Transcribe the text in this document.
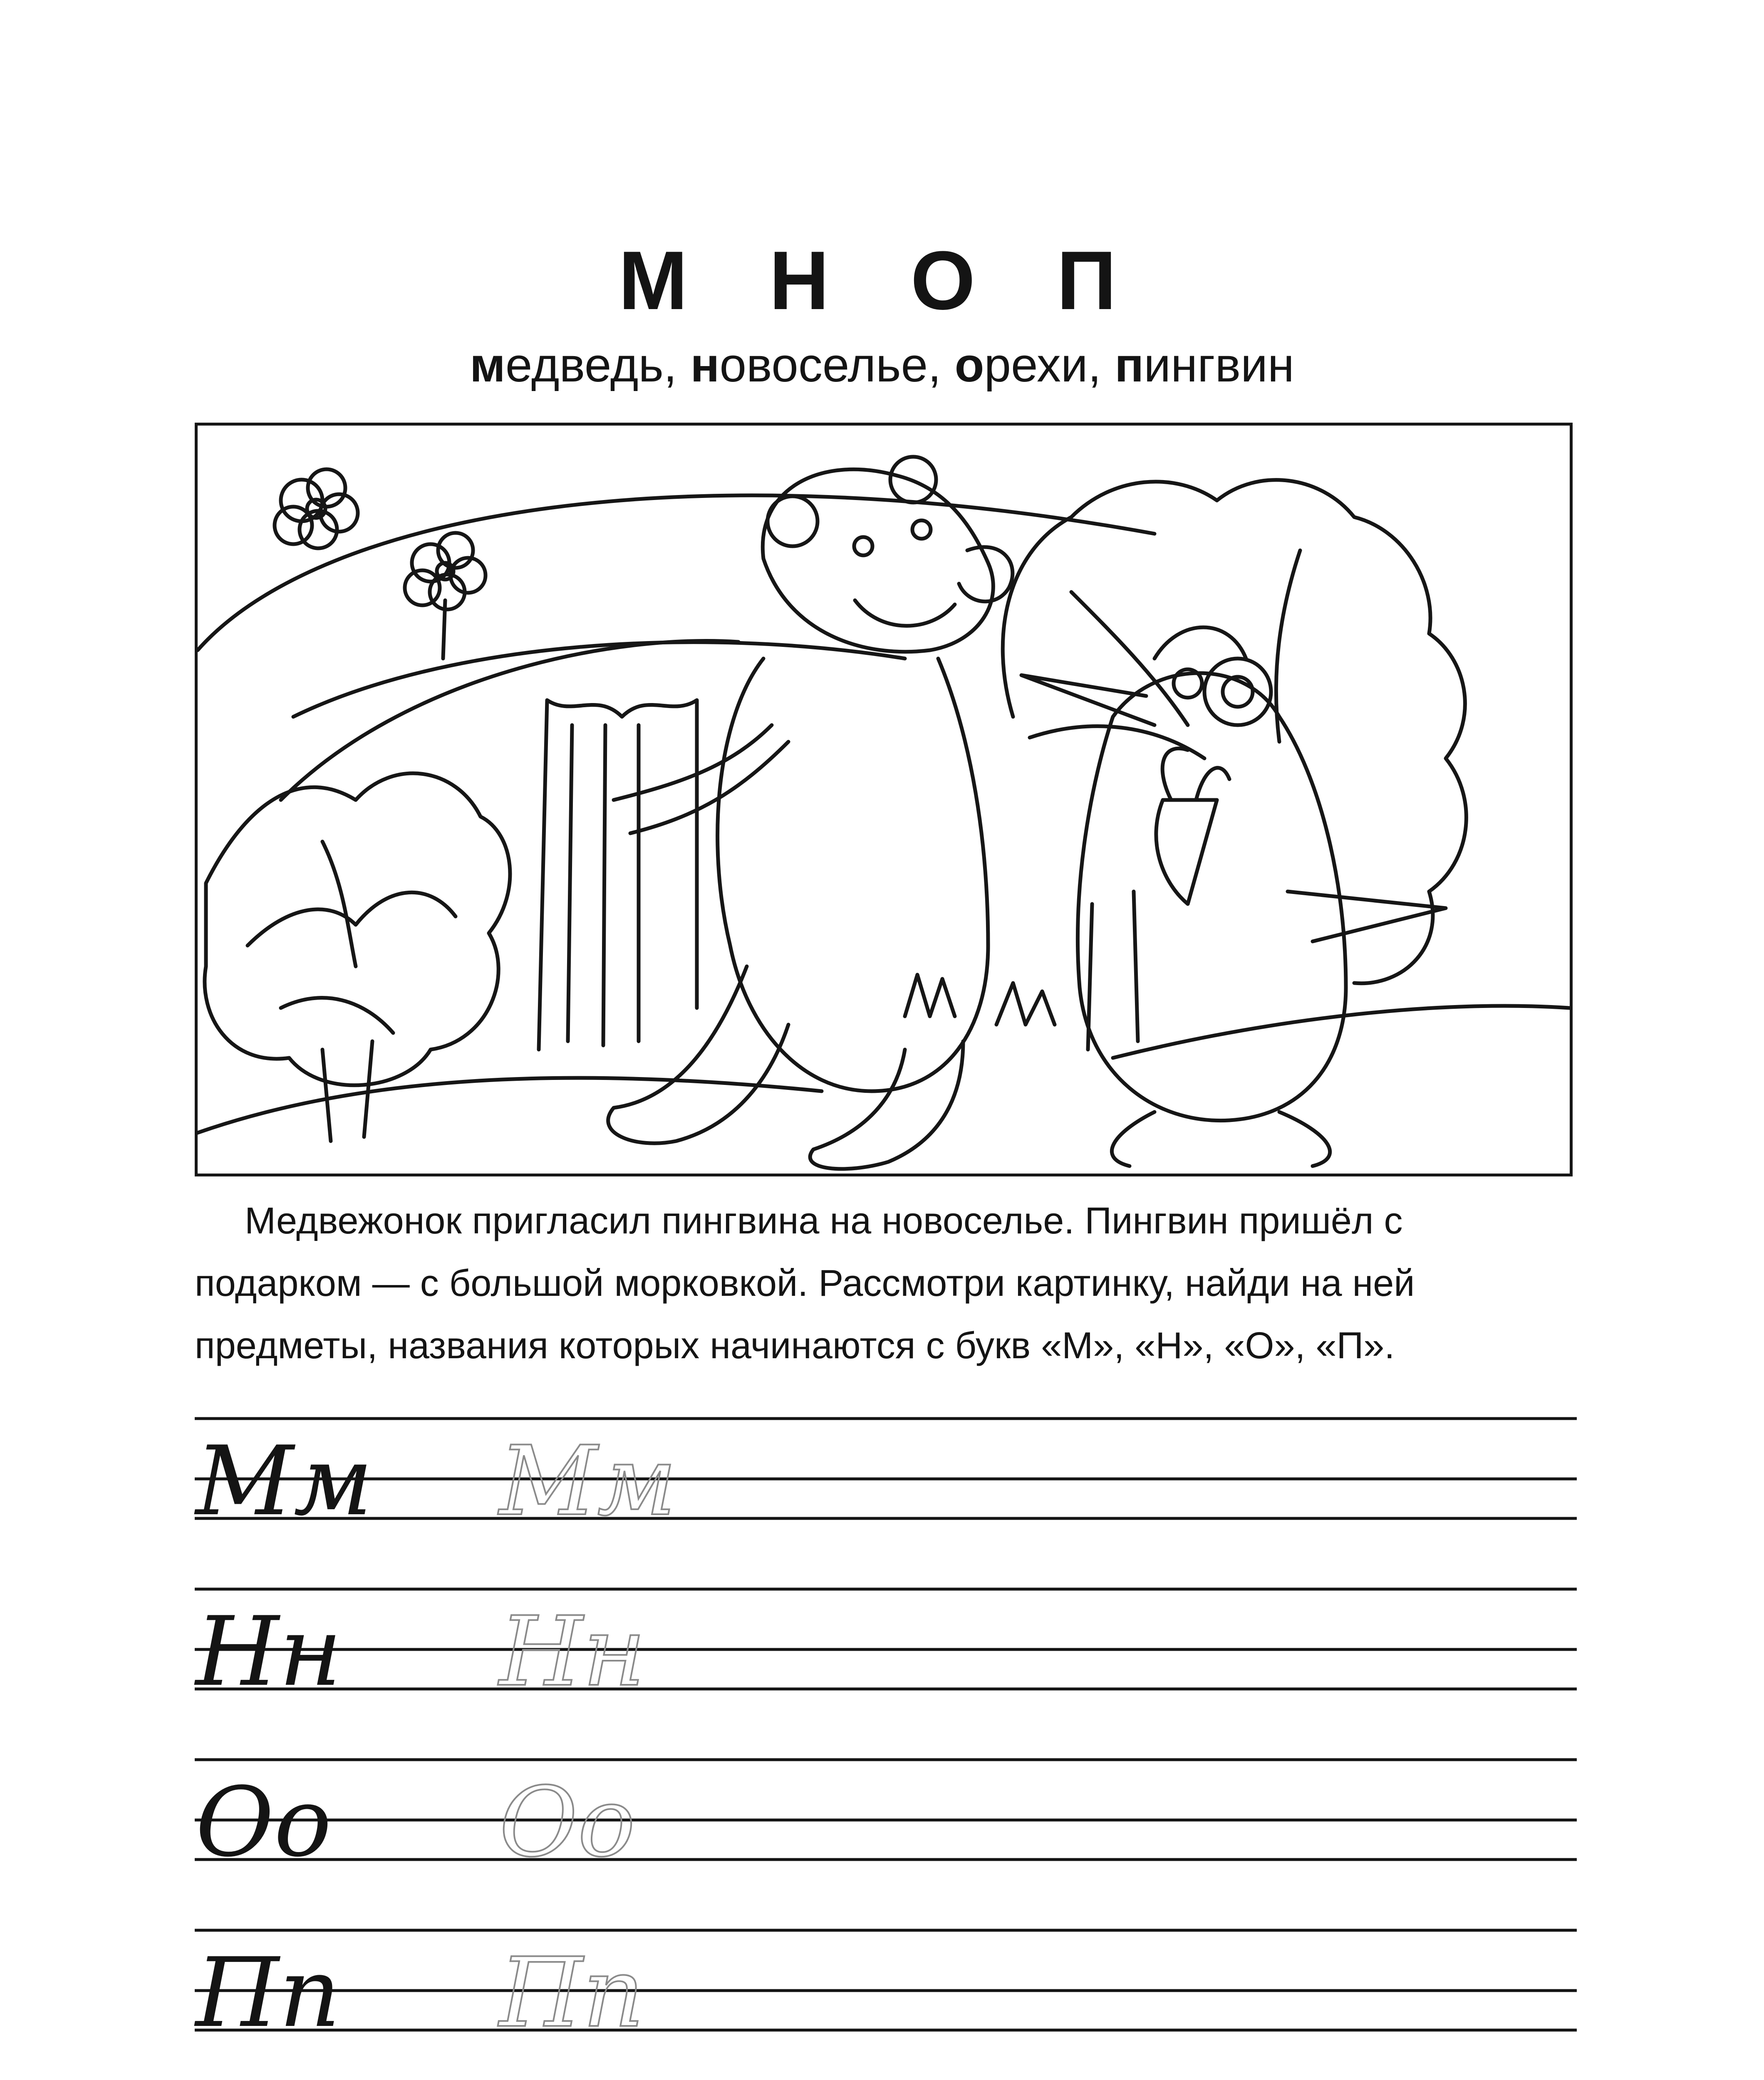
М Н О П
медведь, новоселье, орехи, пингвин

Медвежонок пригласил пингвина на новоселье. Пингвин пришёл с подарком — с большой морковкой. Рассмотри картинку, найди на ней предметы, названия которых начинаются с букв «М», «Н», «О», «П».

Мм Мм
Нн Нн
Оо Оо
Пп Пп
